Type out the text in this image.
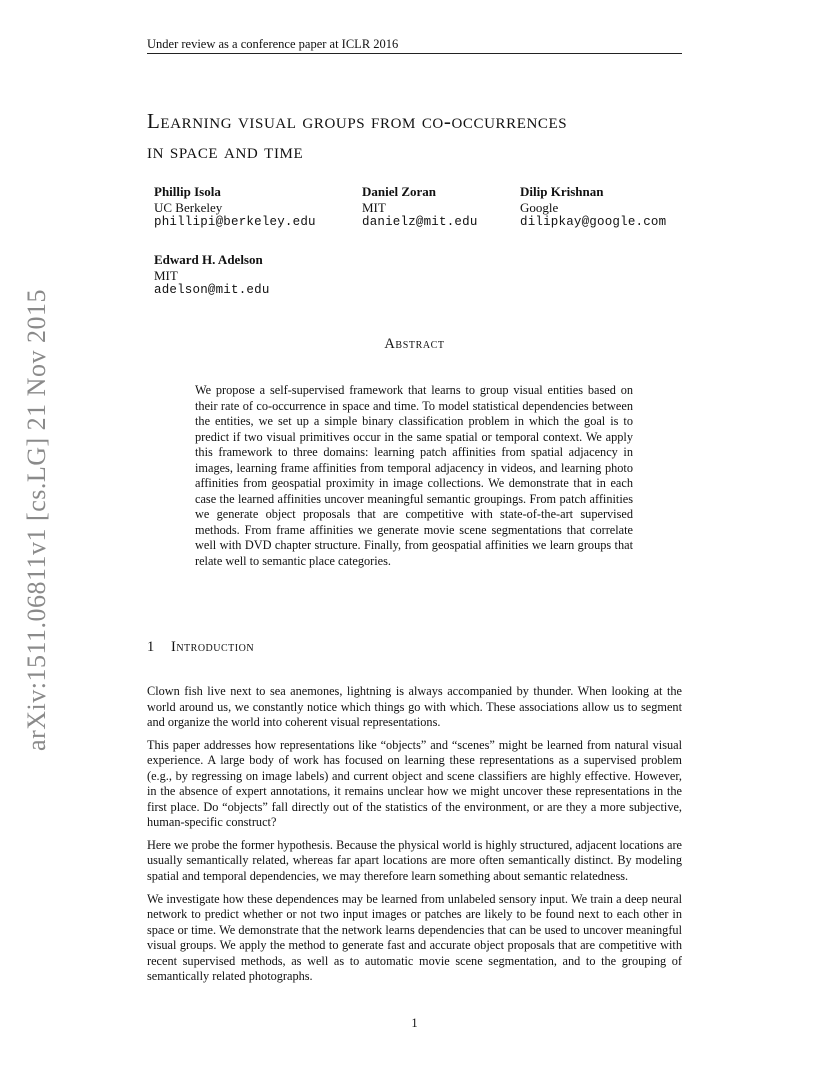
Under review as a conference paper at ICLR 2016
arXiv:1511.06811v1 [cs.LG] 21 Nov 2015
Learning visual groups from co-occurrences
in space and time
Phillip Isola
UC Berkeley
phillipi@berkeley.edu
Daniel Zoran
MIT
danielz@mit.edu
Dilip Krishnan
Google
dilipkay@google.com
Edward H. Adelson
MIT
adelson@mit.edu
Abstract
We propose a self-supervised framework that learns to group visual entities based on their rate of co-occurrence in space and time. To model statistical dependencies between the entities, we set up a simple binary classification problem in which the goal is to predict if two visual primitives occur in the same spatial or temporal context. We apply this framework to three domains: learning patch affinities from spatial adjacency in images, learning frame affinities from temporal adjacency in videos, and learning photo affinities from geospatial proximity in image collections. We demonstrate that in each case the learned affinities uncover meaningful semantic groupings. From patch affinities we generate object proposals that are competitive with state-of-the-art supervised methods. From frame affinities we generate movie scene segmentations that correlate well with DVD chapter structure. Finally, from geospatial affinities we learn groups that relate well to semantic place categories.
1 Introduction

Clown fish live next to sea anemones, lightning is always accompanied by thunder. When looking at the world around us, we constantly notice which things go with which. These associations allow us to segment and organize the world into coherent visual representations.

This paper addresses how representations like “objects” and “scenes” might be learned from natural visual experience. A large body of work has focused on learning these representations as a supervised problem (e.g., by regressing on image labels) and current object and scene classifiers are highly effective. However, in the absence of expert annotations, it remains unclear how we might uncover these representations in the first place. Do “objects” fall directly out of the statistics of the environment, or are they a more subjective, human-specific construct?

Here we probe the former hypothesis. Because the physical world is highly structured, adjacent locations are usually semantically related, whereas far apart locations are more often semantically distinct. By modeling spatial and temporal dependencies, we may therefore learn something about semantic relatedness.

We investigate how these dependences may be learned from unlabeled sensory input. We train a deep neural network to predict whether or not two input images or patches are likely to be found next to each other in space or time. We demonstrate that the network learns dependencies that can be used to uncover meaningful visual groups. We apply the method to generate fast and accurate object proposals that are competitive with recent supervised methods, as well as to automatic movie scene segmentation, and to the grouping of semantically related photographs.

1
